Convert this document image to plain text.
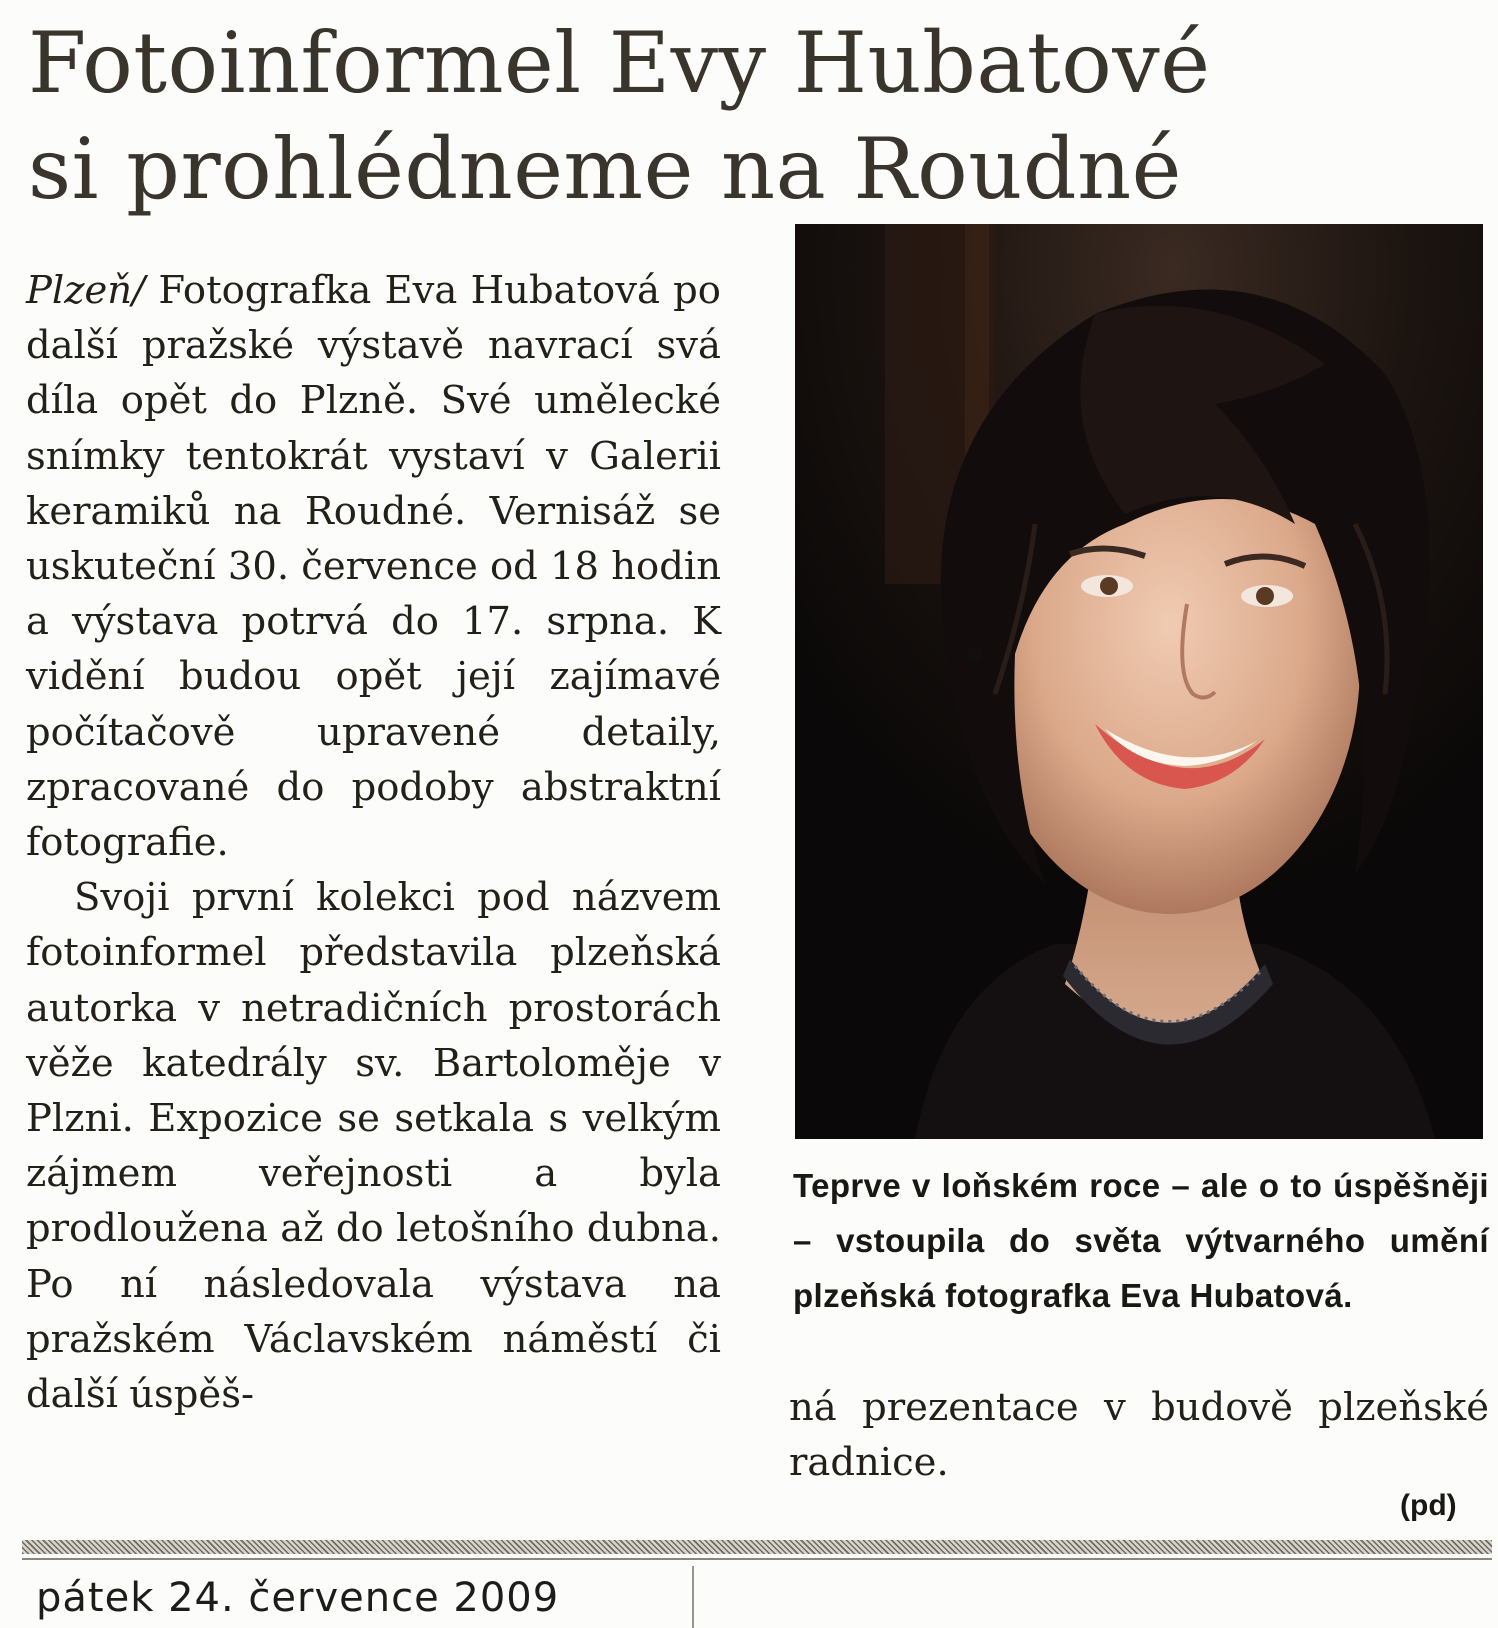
Fotoinformel Evy Hubatové
si prohlédneme na Roudné

Plzeň/ Fotografka Eva Hubatová po další pražské výstavě navrací svá díla opět do Plzně. Své umělecké snímky tentokrát vystaví v Galerii keramiků na Roudné. Vernisáž se uskuteční 30. července od 18 hodin a výstava potrvá do 17. srpna. K vidění budou opět její zajímavé počítačově upravené detaily, zpracované do podoby abstraktní fotografie.

Svoji první kolekci pod názvem fotoinformel představila plzeňská autorka v netradičních prostorách věže katedrály sv. Bartoloměje v Plzni. Expozice se setkala s velkým zájmem veřejnosti a byla prodloužena až do letošního dubna. Po ní následovala výstava na pražském Václavském náměstí či další úspěš-

Teprve v loňském roce – ale o to úspěšněji – vstoupila do světa výtvarného umění plzeňská fotografka Eva Hubatová.

ná prezentace v budově plzeňské radnice.

(pd)
pátek 24. července 2009
